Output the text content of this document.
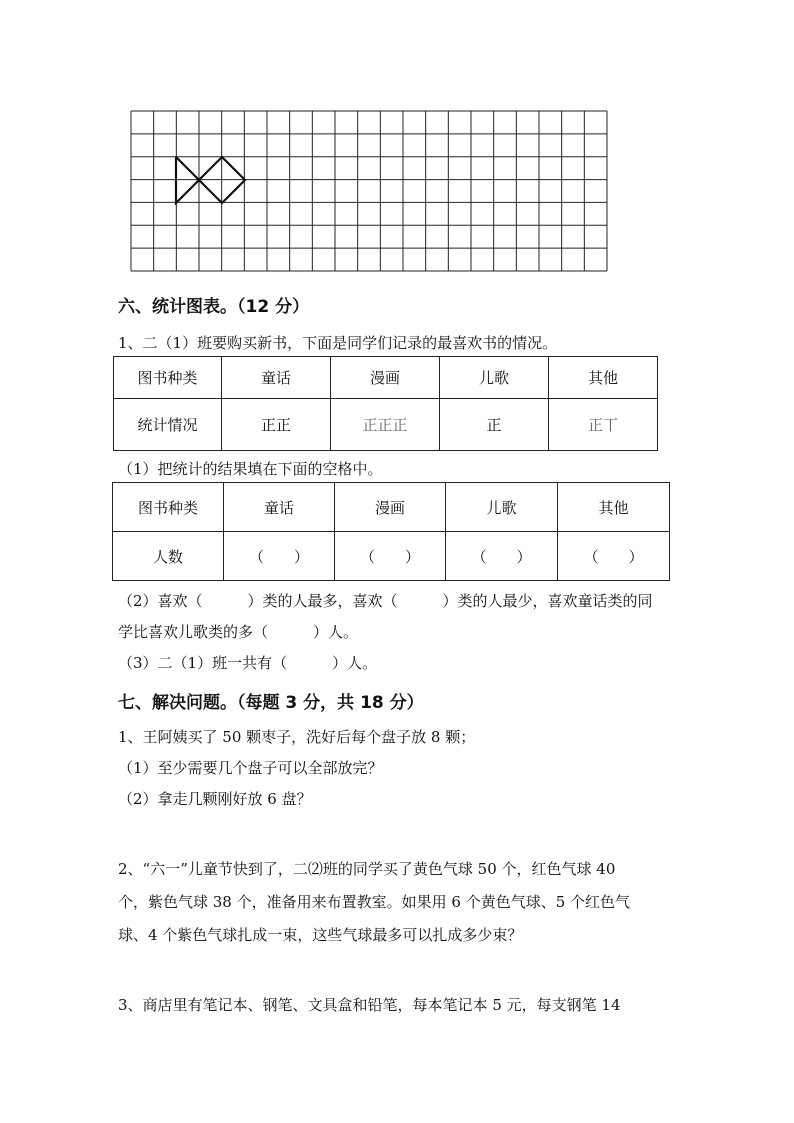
六、统计图表。（12 分）
1、二（1）班要购买新书，下面是同学们记录的最喜欢书的情况。
图书种类	童话	漫画	儿歌	其他
统计情况	正正	正正正	正	正丅
（1）把统计的结果填在下面的空格中。
图书种类	童话	漫画	儿歌	其他
人数	（　　）	（　　）	（　　）	（　　）
（2）喜欢（　　　）类的人最多，喜欢（　　　）类的人最少，喜欢童话类的同
学比喜欢儿歌类的多（　　　）人。
（3）二（1）班一共有（　　　）人。
七、解决问题。（每题 3 分，共 18 分）
1、王阿姨买了 50 颗枣子，洗好后每个盘子放 8 颗；
（1）至少需要几个盘子可以全部放完？
（2）拿走几颗刚好放 6 盘？
2、“六一”儿童节快到了，二⑵班的同学买了黄色气球 50 个，红色气球 40
个，紫色气球 38 个，准备用来布置教室。如果用 6 个黄色气球、5 个红色气
球、4 个紫色气球扎成一束，这些气球最多可以扎成多少束？
3、商店里有笔记本、钢笔、文具盒和铅笔，每本笔记本 5 元，每支钢笔 14
